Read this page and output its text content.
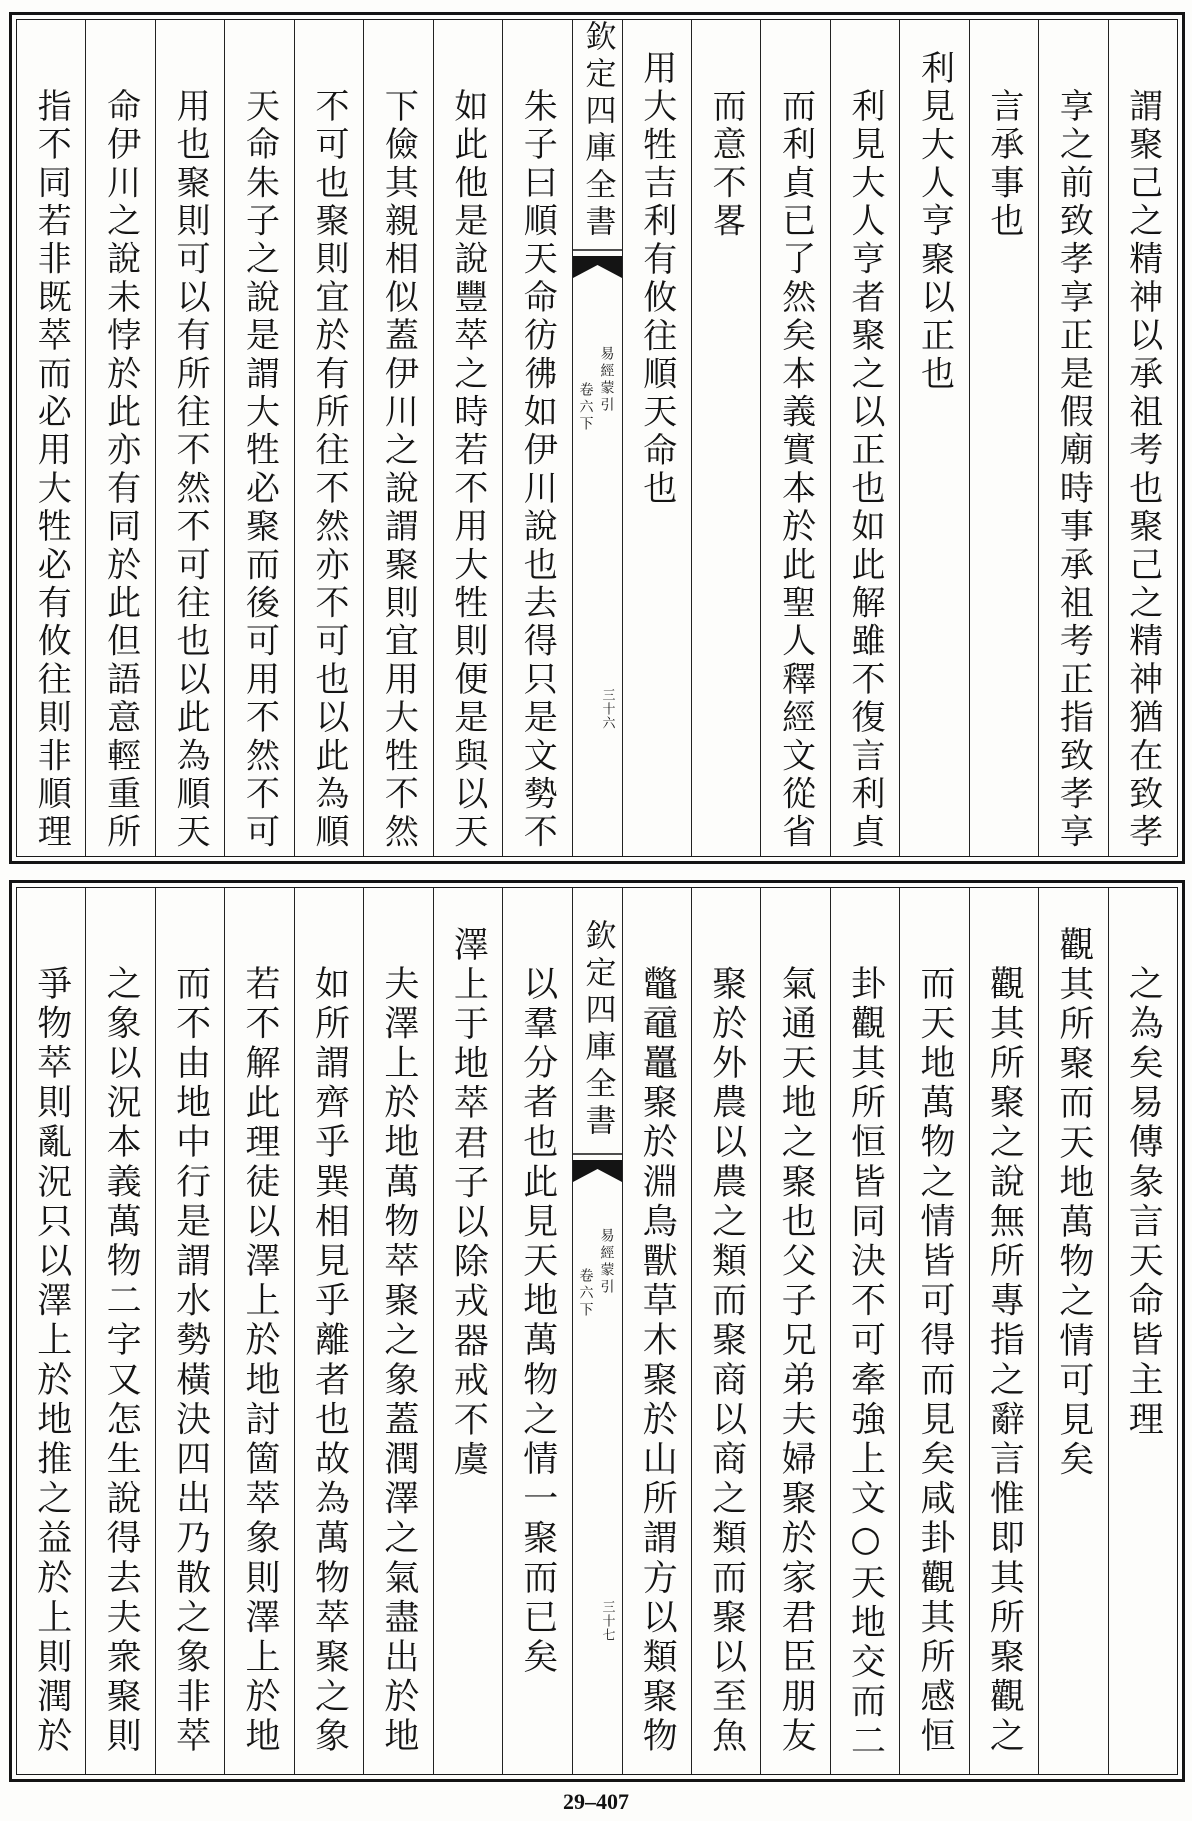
謂聚己之精神以承祖考也聚己之精神猶在致孝
享之前致孝享正是假廟時事承祖考正指致孝享
言承事也
利見大人亨聚以正也
利見大人亨者聚之以正也如此解雖不復言利貞
而利貞已了然矣本義實本於此聖人釋經文從省
而意不畧
用大牲吉利有攸往順天命也
欽定四庫全書
易經蒙引
卷六下
三十六
朱子曰順天命彷彿如伊川說也去得只是文勢不
如此他是說豐萃之時若不用大牲則便是與以天
下儉其親相似蓋伊川之說謂聚則宜用大牲不然
不可也聚則宜於有所往不然亦不可也以此為順
天命朱子之說是謂大牲必聚而後可用不然不可
用也聚則可以有所往不然不可往也以此為順天
命伊川之說未悖於此亦有同於此但語意輕重所
指不同若非既萃而必用大牲必有攸往則非順理
之為矣易傳彖言天命皆主理
觀其所聚而天地萬物之情可見矣
觀其所聚之說無所專指之辭言惟即其所聚觀之
而天地萬物之情皆可得而見矣咸卦觀其所感恒
卦觀其所恒皆同決不可牽強上文○天地交而二
氣通天地之聚也父子兄弟夫婦聚於家君臣朋友
聚於外農以農之類而聚商以商之類而聚以至魚
鼈黿鼉聚於淵鳥獸草木聚於山所謂方以類聚物
欽定四庫全書
易經蒙引
卷六下
三十七
以羣分者也此見天地萬物之情一聚而已矣
澤上于地萃君子以除戎器戒不虞
夫澤上於地萬物萃聚之象蓋潤澤之氣盡出於地
如所謂齊乎巽相見乎離者也故為萬物萃聚之象
若不解此理徒以澤上於地討箇萃象則澤上於地
而不由地中行是謂水勢橫決四出乃散之象非萃
之象以況本義萬物二字又怎生說得去夫衆聚則
爭物萃則亂況只以澤上於地推之益於上則潤於
29–407
